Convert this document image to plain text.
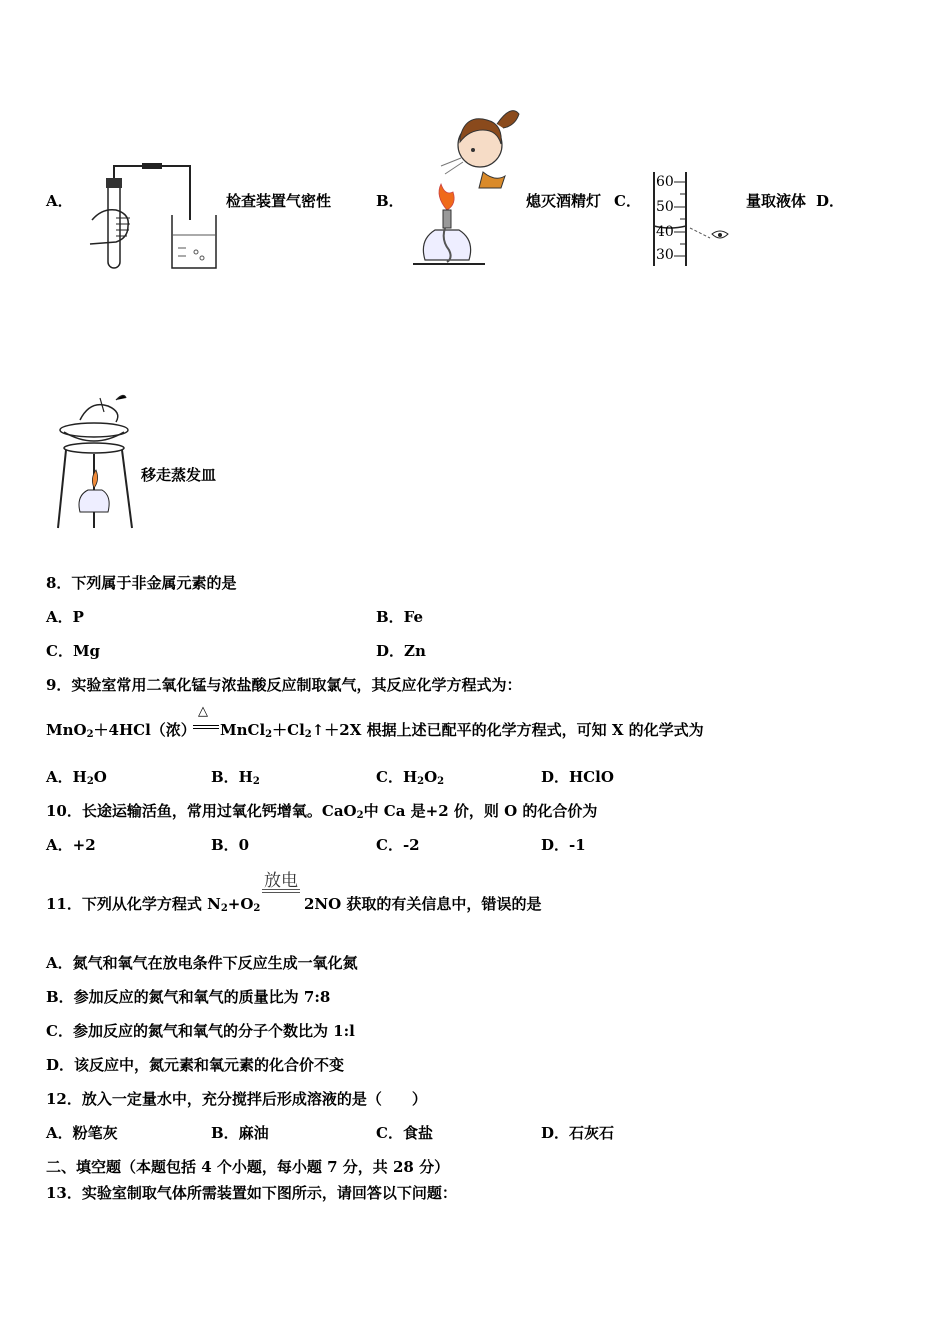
A．	检查装置气密性	B．	熄灭酒精灯 C．
60
50
40
30
量取液体 D．
移走蒸发皿
8．下列属于非金属元素的是
A．P	B．Fe
C．Mg	D．Zn
9．实验室常用二氧化锰与浓盐酸反应制取氯气，其反应化学方程式为：
MnO$_2$＋4HCl（浓）
△
$MnCl_2+Cl_2↑+2X$ 根据上述已配平的化学方程式，可知 X 的化学式为
A．$H_2O$	B．$H_2$	C．$H_2O_2$	D．HClO
10．长途运输活鱼，常用过氧化钙增氧。CaO$_2$中 Ca 是+2 价，则 O 的化合价为
A．+2	B．0	C．-2	D．-1
11．下列从化学方程式 $N_2+O_2$
放电
2NO 获取的有关信息中，错误的是
A．氮气和氧气在放电条件下反应生成一氧化氮
B．参加反应的氮气和氧气的质量比为 7:8
C．参加反应的氮气和氧气的分子个数比为 1:l
D．该反应中，氮元素和氧元素的化合价不变
12．放入一定量水中，充分搅拌后形成溶液的是（　　）
A．粉笔灰	B．麻油	C．食盐	D．石灰石
二、填空题（本题包括 4 个小题，每小题 7 分，共 28 分）
13．实验室制取气体所需装置如下图所示，请回答以下问题：
